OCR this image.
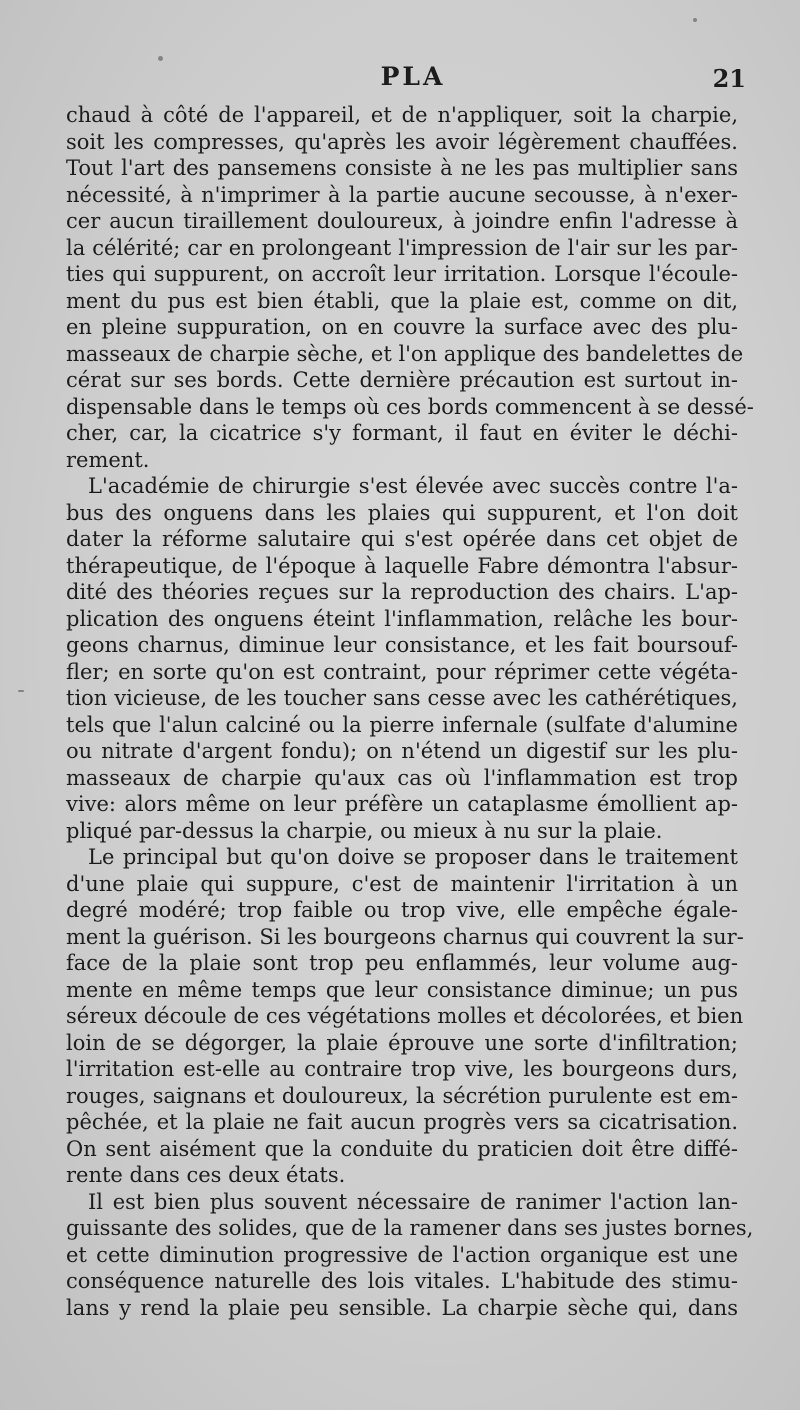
PLA	21
chaud à côté de l'appareil, et de n'appliquer, soit la charpie,
soit les compresses, qu'après les avoir légèrement chauffées.
Tout l'art des pansemens consiste à ne les pas multiplier sans
nécessité, à n'imprimer à la partie aucune secousse, à n'exer-
cer aucun tiraillement douloureux, à joindre enfin l'adresse à
la célérité; car en prolongeant l'impression de l'air sur les par-
ties qui suppurent, on accroît leur irritation. Lorsque l'écoule-
ment du pus est bien établi, que la plaie est, comme on dit,
en pleine suppuration, on en couvre la surface avec des plu-
masseaux de charpie sèche, et l'on applique des bandelettes de
cérat sur ses bords. Cette dernière précaution est surtout in-
dispensable dans le temps où ces bords commencent à se dessé-
cher, car, la cicatrice s'y formant, il faut en éviter le déchi-
rement.
L'académie de chirurgie s'est élevée avec succès contre l'a-
bus des onguens dans les plaies qui suppurent, et l'on doit
dater la réforme salutaire qui s'est opérée dans cet objet de
thérapeutique, de l'époque à laquelle Fabre démontra l'absur-
dité des théories reçues sur la reproduction des chairs. L'ap-
plication des onguens éteint l'inflammation, relâche les bour-
geons charnus, diminue leur consistance, et les fait boursouf-
fler; en sorte qu'on est contraint, pour réprimer cette végéta-
tion vicieuse, de les toucher sans cesse avec les cathérétiques,
tels que l'alun calciné ou la pierre infernale (sulfate d'alumine
ou nitrate d'argent fondu); on n'étend un digestif sur les plu-
masseaux de charpie qu'aux cas où l'inflammation est trop
vive: alors même on leur préfère un cataplasme émollient ap-
pliqué par-dessus la charpie, ou mieux à nu sur la plaie.
Le principal but qu'on doive se proposer dans le traitement
d'une plaie qui suppure, c'est de maintenir l'irritation à un
degré modéré; trop faible ou trop vive, elle empêche égale-
ment la guérison. Si les bourgeons charnus qui couvrent la sur-
face de la plaie sont trop peu enflammés, leur volume aug-
mente en même temps que leur consistance diminue; un pus
séreux découle de ces végétations molles et décolorées, et bien
loin de se dégorger, la plaie éprouve une sorte d'infiltration;
l'irritation est-elle au contraire trop vive, les bourgeons durs,
rouges, saignans et douloureux, la sécrétion purulente est em-
pêchée, et la plaie ne fait aucun progrès vers sa cicatrisation.
On sent aisément que la conduite du praticien doit être diffé-
rente dans ces deux états.
Il est bien plus souvent nécessaire de ranimer l'action lan-
guissante des solides, que de la ramener dans ses justes bornes,
et cette diminution progressive de l'action organique est une
conséquence naturelle des lois vitales. L'habitude des stimu-
lans y rend la plaie peu sensible. La charpie sèche qui, dans
